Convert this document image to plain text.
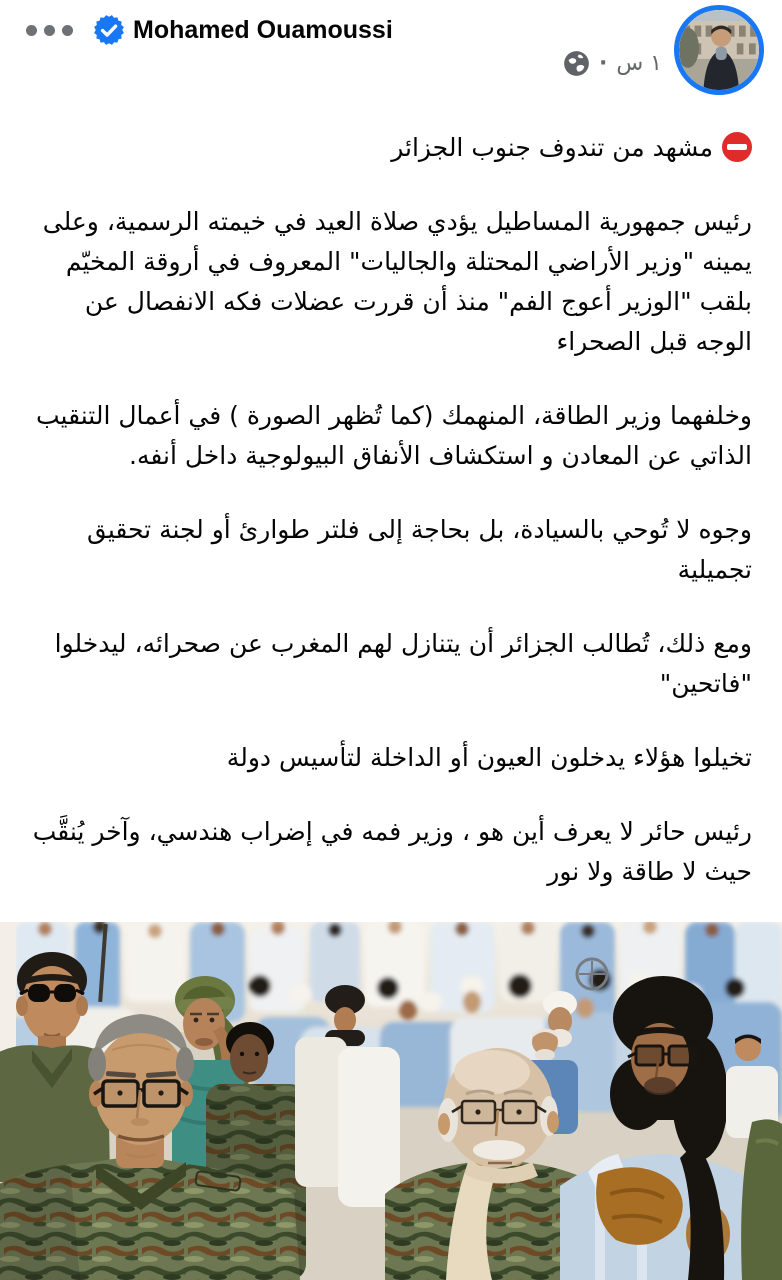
Mohamed Ouamoussi
١ س
·

مشهد من تندوف جنوب الجزائر

رئيس جمهورية المساطيل يؤدي صلاة العيد في خيمته الرسمية، وعلى يمينه "وزير الأراضي المحتلة والجاليات" المعروف في أروقة المخيّم بلقب "الوزير أعوج الفم" منذ أن قررت عضلات فكه الانفصال عن الوجه قبل الصحراء

وخلفهما وزير الطاقة، المنهمك (كما تُظهر الصورة ) في أعمال التنقيب الذاتي عن المعادن و استكشاف الأنفاق البيولوجية داخل أنفه.

وجوه لا تُوحي بالسيادة، بل بحاجة إلى فلتر طوارئ أو لجنة تحقيق تجميلية

ومع ذلك، تُطالب الجزائر أن يتنازل لهم المغرب عن صحرائه، ليدخلوا "فاتحين"

تخيلوا هؤلاء يدخلون العيون أو الداخلة لتأسيس دولة

رئيس حائر لا يعرف أين هو ، وزير فمه في إضراب هندسي، وآخر يُنقَّب حيث لا طاقة ولا نور
